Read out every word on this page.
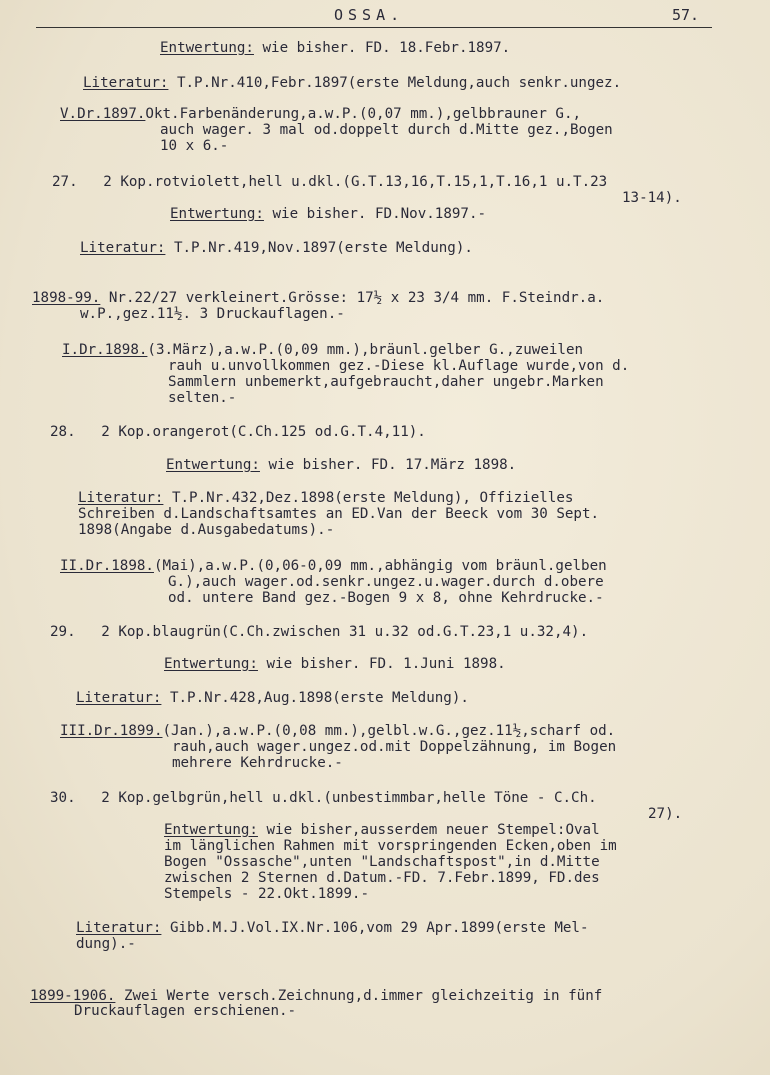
OSSA.	57.
Entwertung: wie bisher. FD. 18.Febr.1897.
Literatur: T.P.Nr.410,Febr.1897(erste Meldung,auch senkr.ungez.
V.Dr.1897.Okt.Farbenänderung,a.w.P.(0,07 mm.),gelbbrauner G.,
auch wager. 3 mal od.doppelt durch d.Mitte gez.,Bogen
10 x 6.-
27.   2 Kop.rotviolett,hell u.dkl.(G.T.13,16,T.15,1,T.16,1 u.T.23
13-14).
Entwertung: wie bisher. FD.Nov.1897.-
Literatur: T.P.Nr.419,Nov.1897(erste Meldung).
1898-99. Nr.22/27 verkleinert.Grösse: 17½ x 23 3/4 mm. F.Steindr.a.
w.P.,gez.11½. 3 Druckauflagen.-
I.Dr.1898.(3.März),a.w.P.(0,09 mm.),bräunl.gelber G.,zuweilen
rauh u.unvollkommen gez.-Diese kl.Auflage wurde,von d.
Sammlern unbemerkt,aufgebraucht,daher ungebr.Marken
selten.-
28.   2 Kop.orangerot(C.Ch.125 od.G.T.4,11).
Entwertung: wie bisher. FD. 17.März 1898.
Literatur: T.P.Nr.432,Dez.1898(erste Meldung), Offizielles
Schreiben d.Landschaftsamtes an ED.Van der Beeck vom 30 Sept.
1898(Angabe d.Ausgabedatums).-
II.Dr.1898.(Mai),a.w.P.(0,06-0,09 mm.,abhängig vom bräunl.gelben
G.),auch wager.od.senkr.ungez.u.wager.durch d.obere
od. untere Band gez.-Bogen 9 x 8, ohne Kehrdrucke.-
29.   2 Kop.blaugrün(C.Ch.zwischen 31 u.32 od.G.T.23,1 u.32,4).
Entwertung: wie bisher. FD. 1.Juni 1898.
Literatur: T.P.Nr.428,Aug.1898(erste Meldung).
III.Dr.1899.(Jan.),a.w.P.(0,08 mm.),gelbl.w.G.,gez.11½,scharf od.
rauh,auch wager.ungez.od.mit Doppelzähnung, im Bogen
mehrere Kehrdrucke.-
30.   2 Kop.gelbgrün,hell u.dkl.(unbestimmbar,helle Töne - C.Ch.
27).
Entwertung: wie bisher,ausserdem neuer Stempel:Oval
im länglichen Rahmen mit vorspringenden Ecken,oben im
Bogen "Ossasche",unten "Landschaftspost",in d.Mitte
zwischen 2 Sternen d.Datum.-FD. 7.Febr.1899, FD.des
Stempels - 22.Okt.1899.-
Literatur: Gibb.M.J.Vol.IX.Nr.106,vom 29 Apr.1899(erste Mel-
dung).-
1899-1906. Zwei Werte versch.Zeichnung,d.immer gleichzeitig in fünf
Druckauflagen erschienen.-
